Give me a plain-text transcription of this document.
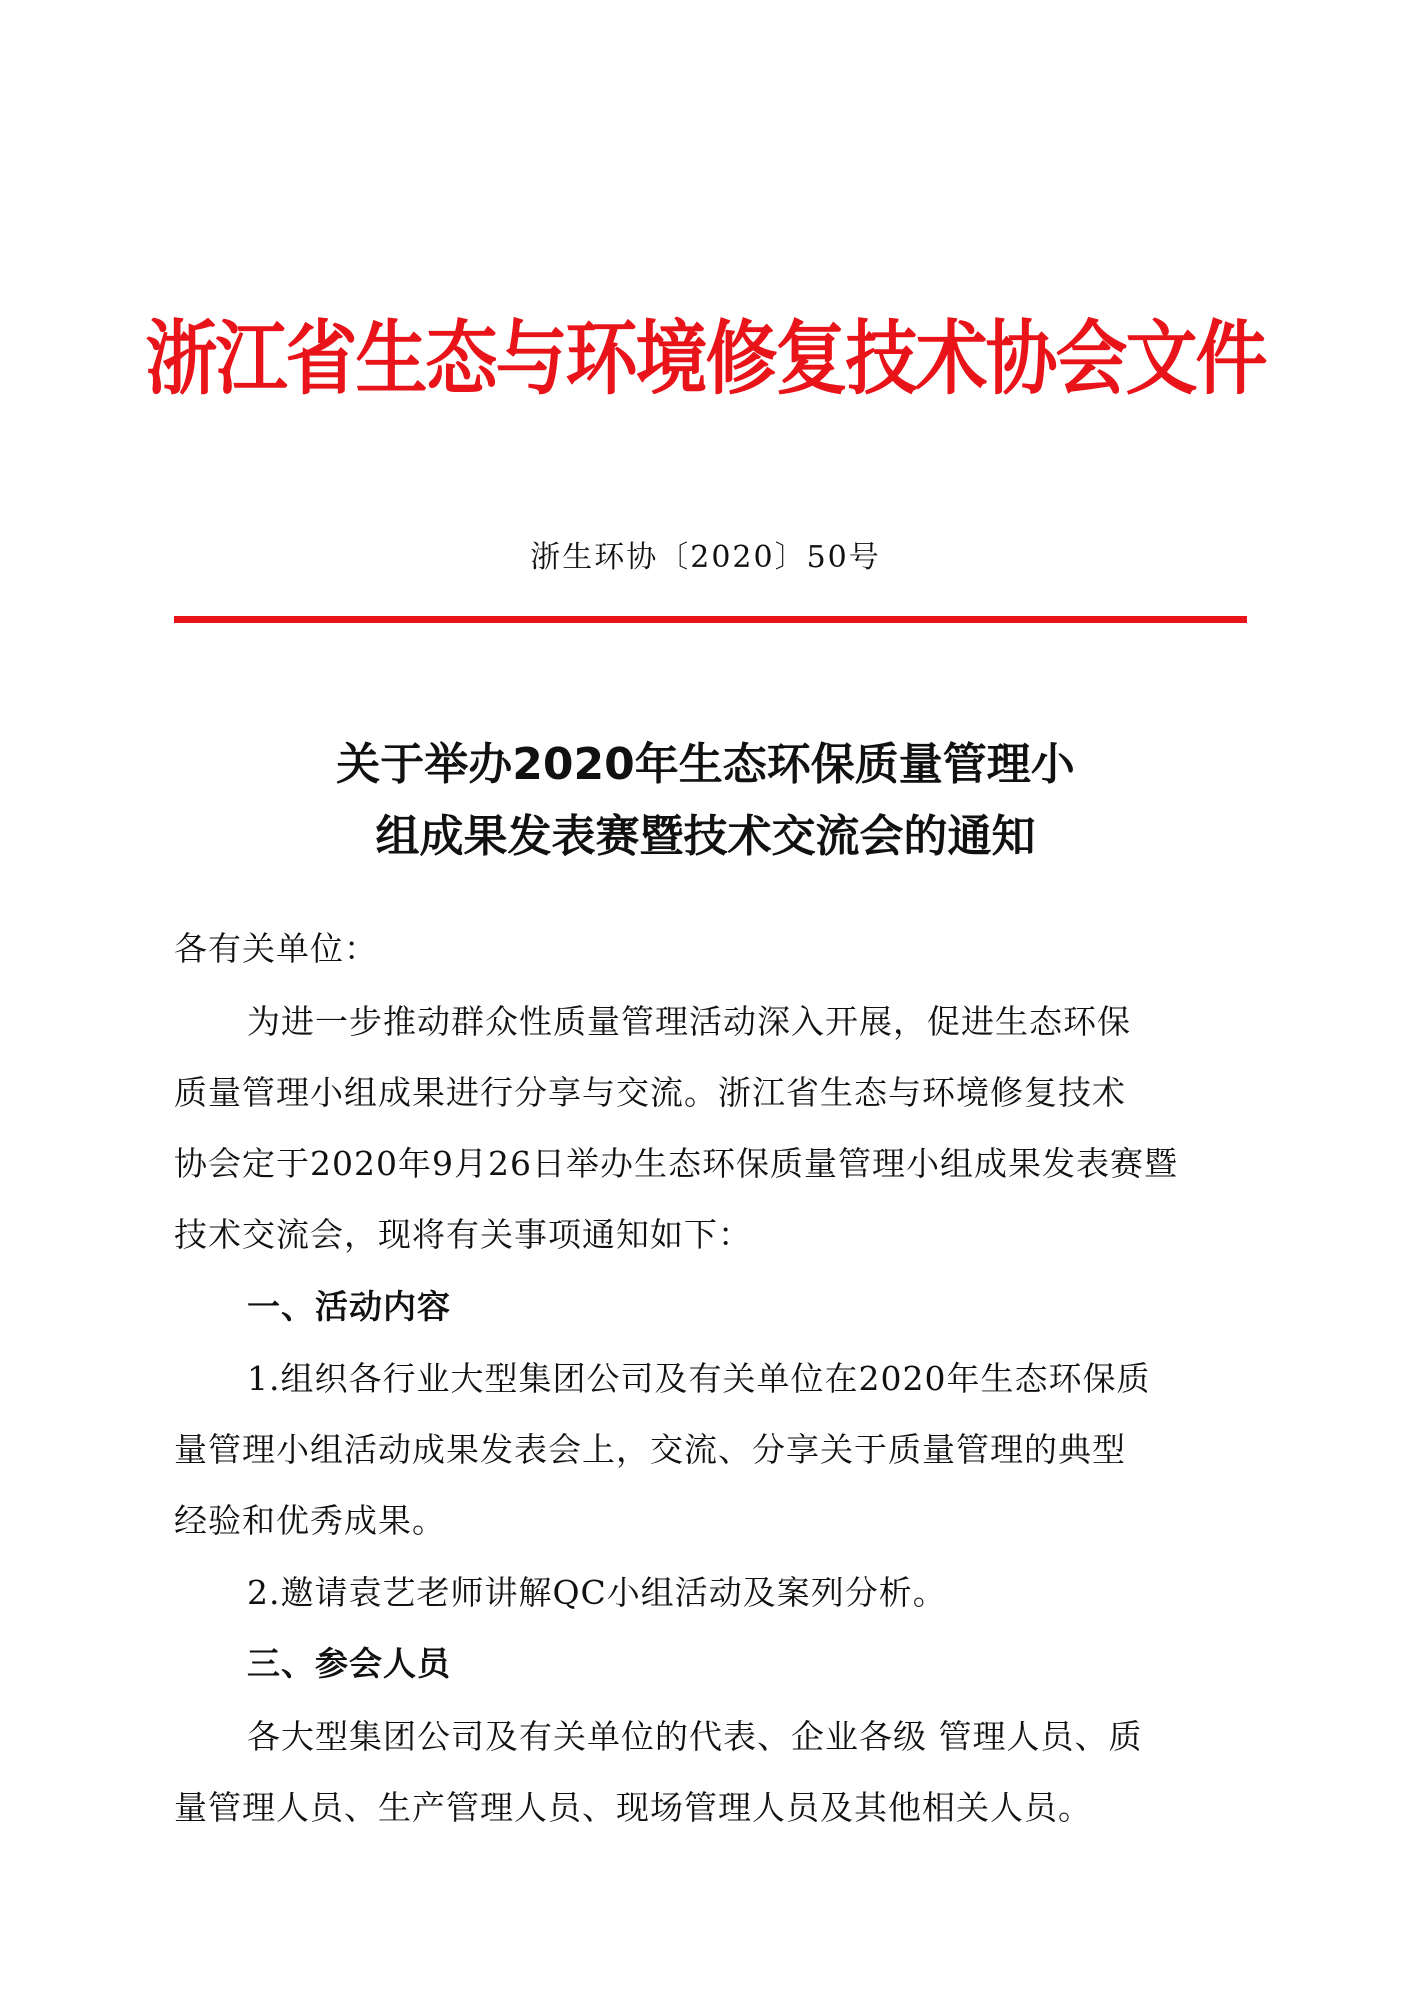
浙江省生态与环境修复技术协会文件
浙生环协〔2020〕50号
关于举办2020年生态环保质量管理小
组成果发表赛暨技术交流会的通知
各有关单位：
为进一步推动群众性质量管理活动深入开展，促进生态环保
质量管理小组成果进行分享与交流。浙江省生态与环境修复技术
协会定于2020年9月26日举办生态环保质量管理小组成果发表赛暨
技术交流会，现将有关事项通知如下：
一、活动内容
1.组织各行业大型集团公司及有关单位在2020年生态环保质
量管理小组活动成果发表会上，交流、分享关于质量管理的典型
经验和优秀成果。
2.邀请袁艺老师讲解QC小组活动及案列分析。
三、参会人员
各大型集团公司及有关单位的代表、企业各级 管理人员、质
量管理人员、生产管理人员、现场管理人员及其他相关人员。
